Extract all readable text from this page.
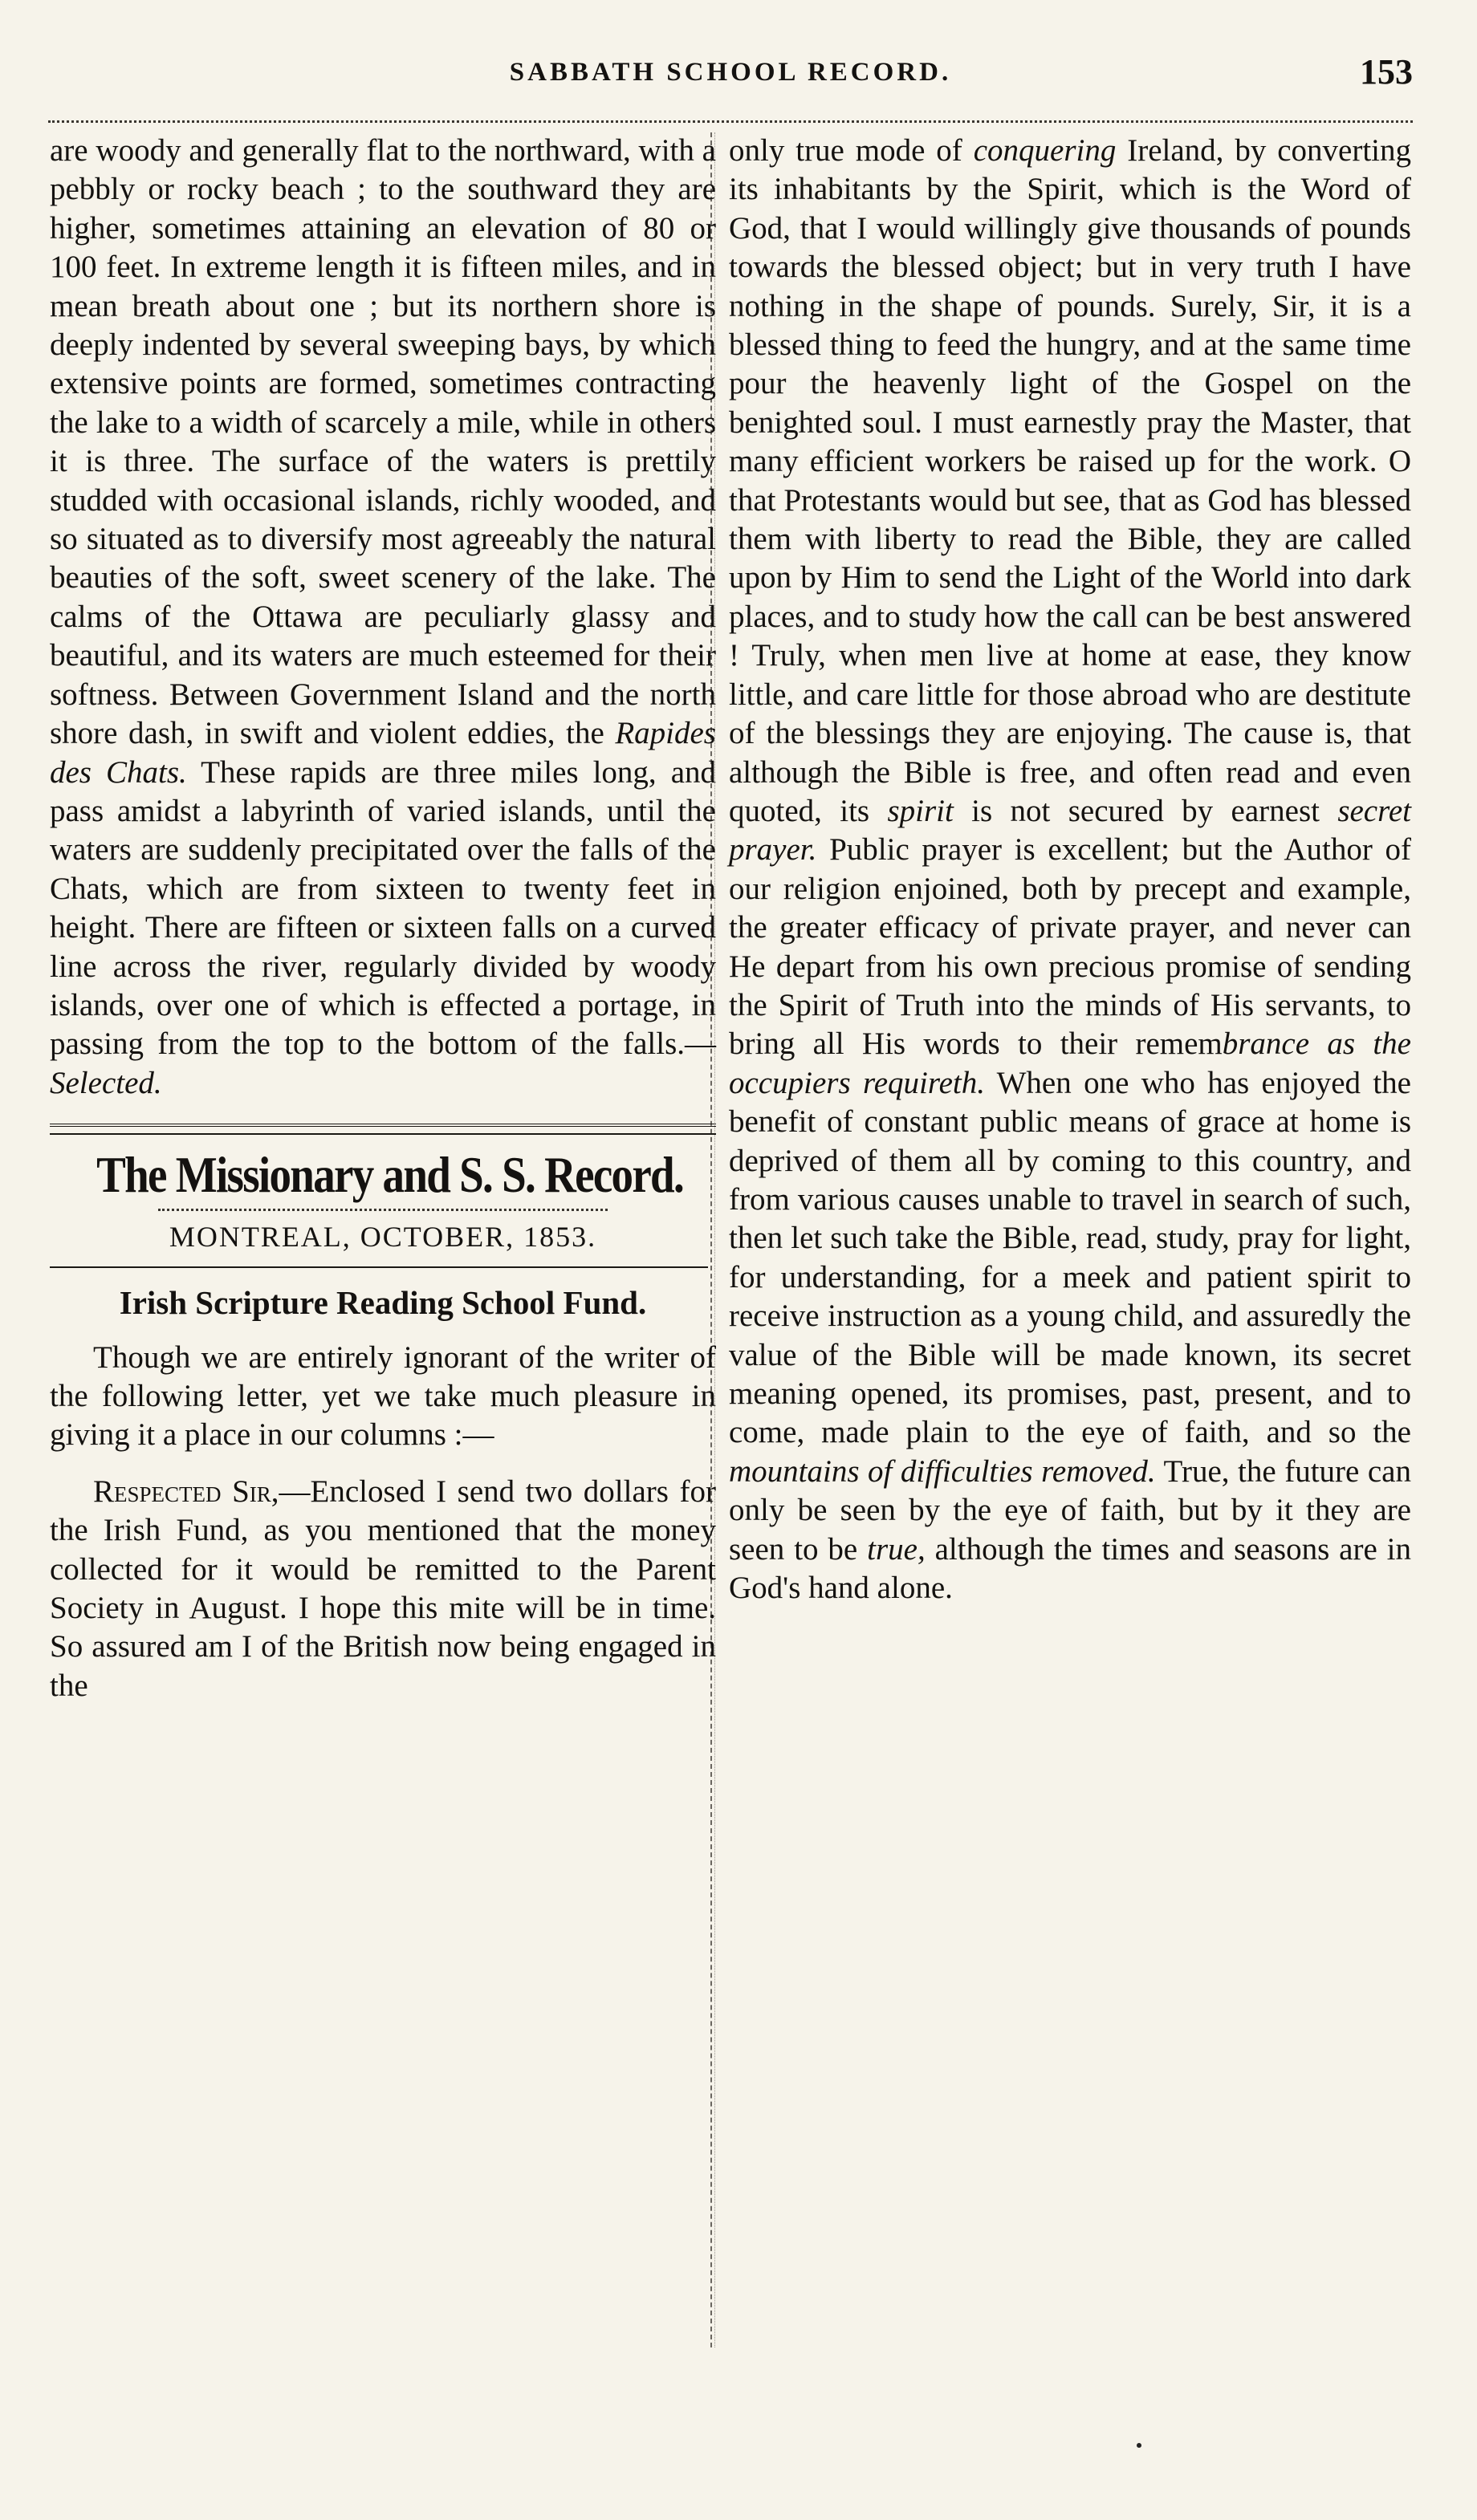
SABBATH SCHOOL RECORD.	153

are woody and generally flat to the northward, with a pebbly or rocky beach ; to the southward they are higher, sometimes attaining an elevation of 80 or 100 feet. In extreme length it is fifteen miles, and in mean breath about one ; but its northern shore is deeply indented by several sweeping bays, by which extensive points are formed, sometimes contracting the lake to a width of scarcely a mile, while in others it is three. The surface of the waters is prettily studded with occasional islands, richly wooded, and so situated as to diversify most agreeably the natural beauties of the soft, sweet scenery of the lake. The calms of the Ottawa are peculiarly glassy and beautiful, and its waters are much esteemed for their softness. Between Government Island and the north shore dash, in swift and violent eddies, the Rapides des Chats. These rapids are three miles long, and pass amidst a labyrinth of varied islands, until the waters are suddenly precipitated over the falls of the Chats, which are from sixteen to twenty feet in height. There are fifteen or sixteen falls on a curved line across the river, regularly divided by woody islands, over one of which is effected a portage, in passing from the top to the bottom of the falls.—Selected.

The Missionary and S. S. Record.
MONTREAL, OCTOBER, 1853.
Irish Scripture Reading School Fund.

Though we are entirely ignorant of the writer of the following letter, yet we take much pleasure in giving it a place in our columns :—

Respected Sir,—Enclosed I send two dollars for the Irish Fund, as you mentioned that the money collected for it would be remitted to the Parent Society in August. I hope this mite will be in time. So assured am I of the British now being engaged in the

only true mode of conquering Ireland, by converting its inhabitants by the Spirit, which is the Word of God, that I would willingly give thousands of pounds towards the blessed object; but in very truth I have nothing in the shape of pounds. Surely, Sir, it is a blessed thing to feed the hungry, and at the same time pour the heavenly light of the Gospel on the benighted soul. I must earnestly pray the Master, that many efficient workers be raised up for the work. O that Protestants would but see, that as God has blessed them with liberty to read the Bible, they are called upon by Him to send the Light of the World into dark places, and to study how the call can be best answered ! Truly, when men live at home at ease, they know little, and care little for those abroad who are destitute of the blessings they are enjoying. The cause is, that although the Bible is free, and often read and even quoted, its spirit is not secured by earnest secret prayer. Public prayer is excellent; but the Author of our religion enjoined, both by precept and example, the greater efficacy of private prayer, and never can He depart from his own precious promise of sending the Spirit of Truth into the minds of His servants, to bring all His words to their remembrance as the occupiers requireth. When one who has enjoyed the benefit of constant public means of grace at home is deprived of them all by coming to this country, and from various causes unable to travel in search of such, then let such take the Bible, read, study, pray for light, for understanding, for a meek and patient spirit to receive instruction as a young child, and assuredly the value of the Bible will be made known, its secret meaning opened, its promises, past, present, and to come, made plain to the eye of faith, and so the mountains of difficulties removed. True, the future can only be seen by the eye of faith, but by it they are seen to be true, although the times and seasons are in God's hand alone.
